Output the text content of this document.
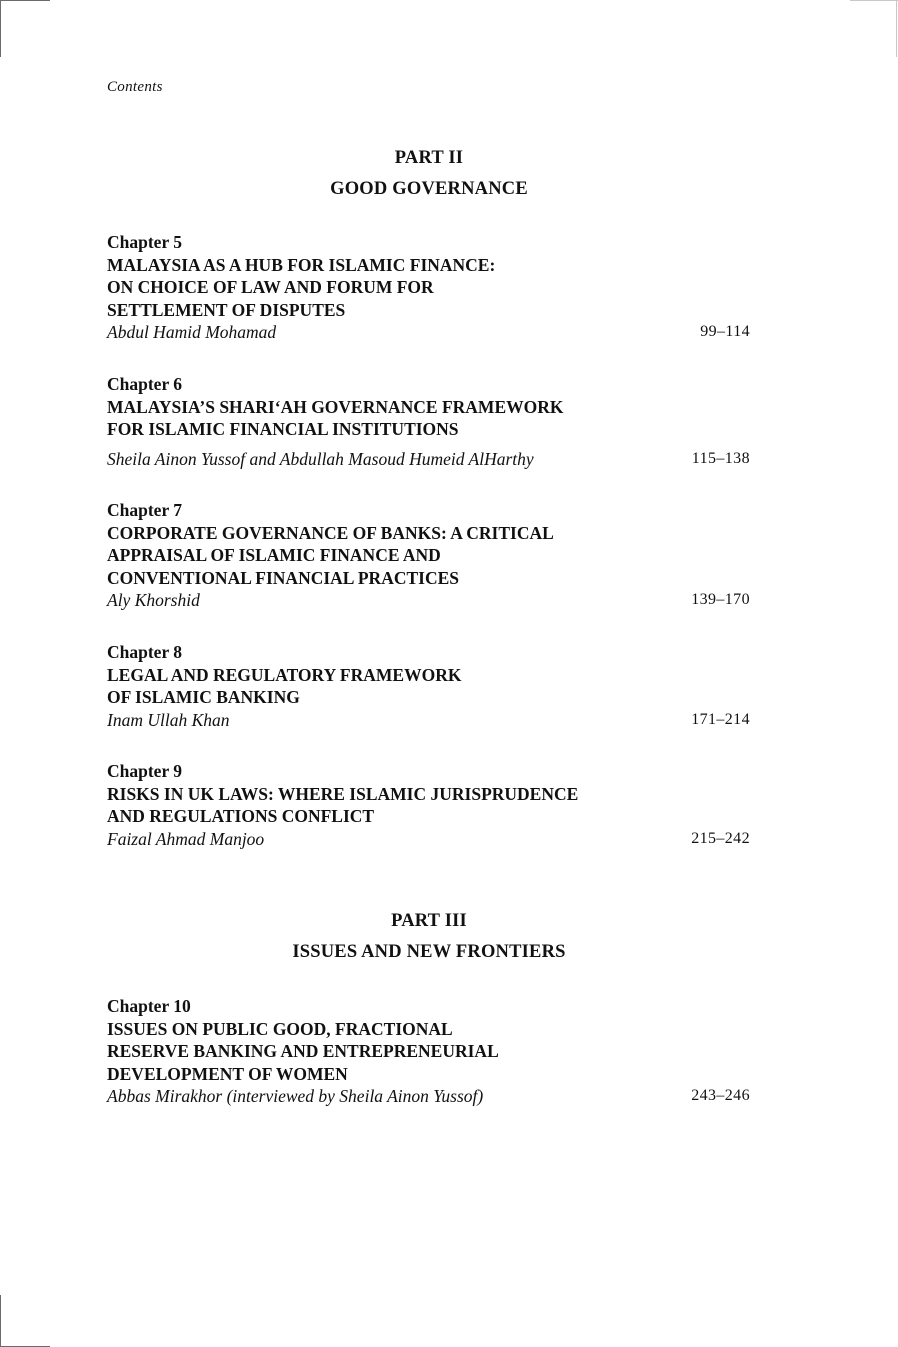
Contents
PART II
GOOD GOVERNANCE
Chapter 5
MALAYSIA AS A HUB FOR ISLAMIC FINANCE:
ON CHOICE OF LAW AND FORUM FOR
SETTLEMENT OF DISPUTES
Abdul Hamid Mohamad	99–114
Chapter 6
MALAYSIA’S SHARI‘AH GOVERNANCE FRAMEWORK
FOR ISLAMIC FINANCIAL INSTITUTIONS
Sheila Ainon Yussof and Abdullah Masoud Humeid AlHarthy	115–138
Chapter 7
CORPORATE GOVERNANCE OF BANKS: A CRITICAL
APPRAISAL OF ISLAMIC FINANCE AND
CONVENTIONAL FINANCIAL PRACTICES
Aly Khorshid	139–170
Chapter 8
LEGAL AND REGULATORY FRAMEWORK
OF ISLAMIC BANKING
Inam Ullah Khan	171–214
Chapter 9
RISKS IN UK LAWS: WHERE ISLAMIC JURISPRUDENCE
AND REGULATIONS CONFLICT
Faizal Ahmad Manjoo	215–242
PART III
ISSUES AND NEW FRONTIERS
Chapter 10
ISSUES ON PUBLIC GOOD, FRACTIONAL
RESERVE BANKING AND ENTREPRENEURIAL
DEVELOPMENT OF WOMEN
Abbas Mirakhor (interviewed by Sheila Ainon Yussof)	243–246
